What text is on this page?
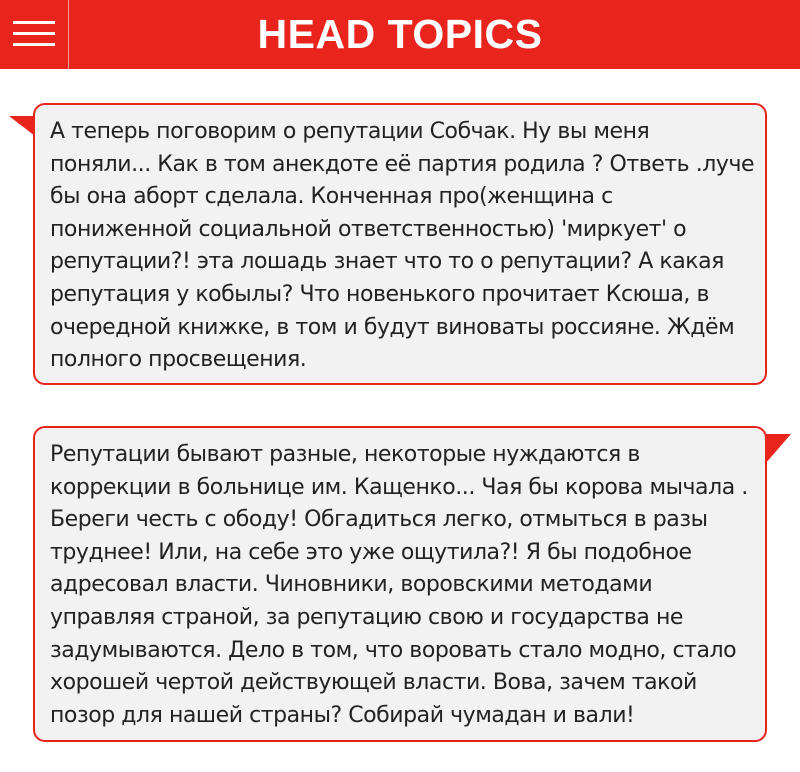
HEAD TOPICS

А теперь поговорим о репутации Собчак. Ну вы меня поняли... Как в том анекдоте её партия родила ? Ответь .луче бы она аборт сделала. Конченная про(женщина с пониженной социальной ответственностью) 'миркует' о репутации?! эта лошадь знает что то о репутации? А какая репутация у кобылы? Что новенького прочитает Ксюша, в очередной книжке, в том и будут виноваты россияне. Ждём полного просвещения.

Репутации бывают разные, некоторые нуждаются в коррекции в больнице им. Кащенко... Чая бы корова мычала . Береги честь с ободу! Обгадиться легко, отмыться в разы труднее! Или, на себе это уже ощутила?! Я бы подобное адресовал власти. Чиновники, воровскими методами управляя страной, за репутацию свою и государства не задумываются. Дело в том, что воровать стало модно, стало хорошей чертой действующей власти. Вова, зачем такой позор для нашей страны? Собирай чумадан и вали!
